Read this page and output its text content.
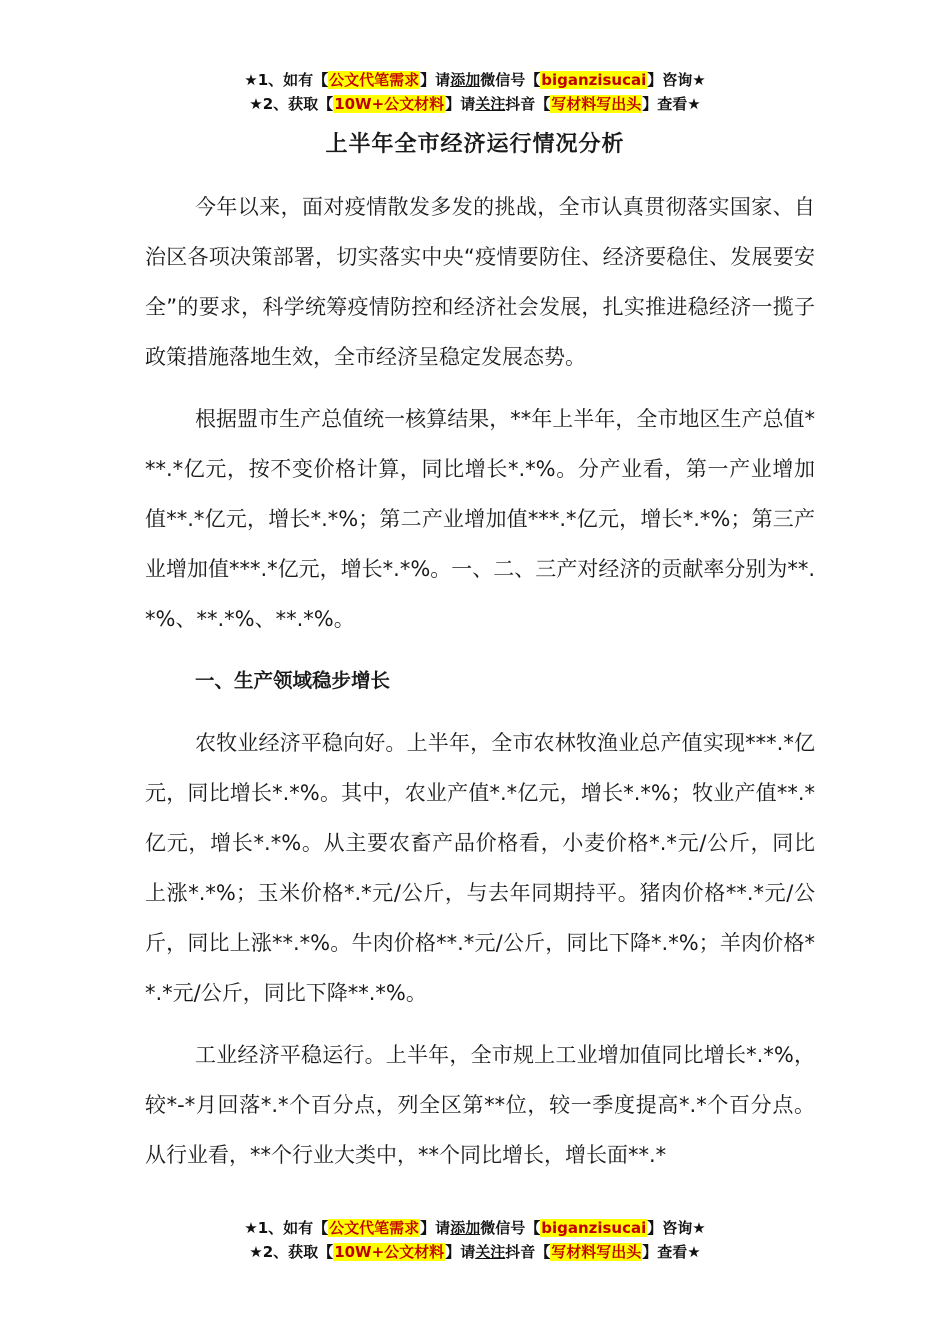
★1、如有【公文代笔需求】请添加微信号【biganzisucai】咨询★
★2、获取【10W+公文材料】请关注抖音【写材料写出头】查看★
上半年全市经济运行情况分析

今年以来，面对疫情散发多发的挑战，全市认真贯彻落实国家、自治区各项决策部署，切实落实中央“疫情要防住、经济要稳住、发展要安全”的要求，科学统筹疫情防控和经济社会发展，扎实推进稳经济一揽子政策措施落地生效，全市经济呈稳定发展态势。

根据盟市生产总值统一核算结果，**年上半年，全市地区生产总值***.*亿元，按不变价格计算，同比增长*.*%。分产业看，第一产业增加值**.*亿元，增长*.*%；第二产业增加值***.*亿元，增长*.*%；第三产业增加值***.*亿元，增长*.*%。一、二、三产对经济的贡献率分别为**.*%、**.*%、**.*%。

一、生产领域稳步增长

农牧业经济平稳向好。上半年，全市农林牧渔业总产值实现***.*亿元，同比增长*.*%。其中，农业产值*.*亿元，增长*.*%；牧业产值**.*亿元，增长*.*%。从主要农畜产品价格看，小麦价格*.*元/公斤，同比上涨*.*%；玉米价格*.*元/公斤，与去年同期持平。猪肉价格**.*元/公斤，同比上涨**.*%。牛肉价格**.*元/公斤，同比下降*.*%；羊肉价格**.*元/公斤，同比下降**.*%。

工业经济平稳运行。上半年，全市规上工业增加值同比增长*.*%，较*-*月回落*.*个百分点，列全区第**位，较一季度提高*.*个百分点。从行业看，**个行业大类中，**个同比增长，增长面**.*

★1、如有【公文代笔需求】请添加微信号【biganzisucai】咨询★
★2、获取【10W+公文材料】请关注抖音【写材料写出头】查看★
